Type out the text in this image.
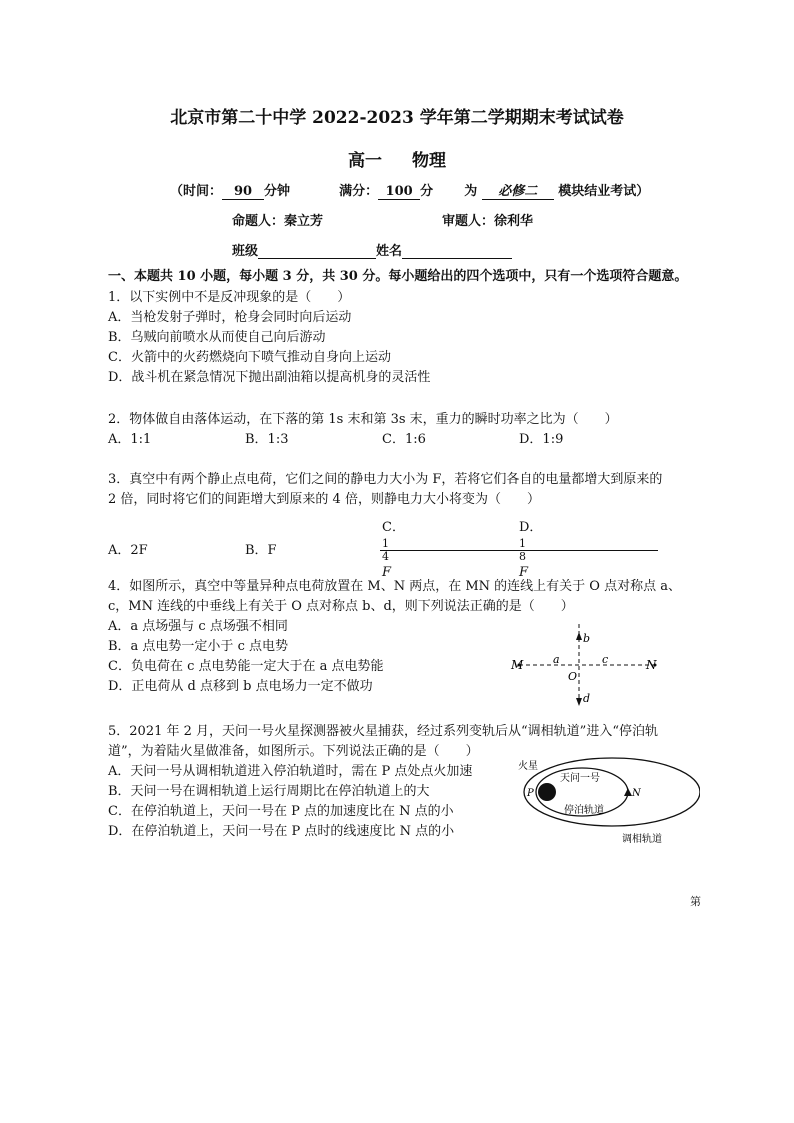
北京市第二十中学 2022-2023 学年第二学期期末考试试卷
高一 物理
（时间： 90 分钟	满分： 100 分 为 必修二 模块结业考试）
命题人：秦立芳	审题人：徐利华
班级	姓名
一、本题共 10 小题，每小题 3 分，共 30 分。每小题给出的四个选项中，只有一个选项符合题意。

1．以下实例中不是反冲现象的是（　　）

A．当枪发射子弹时，枪身会同时向后运动

B．乌贼向前喷水从而使自己向后游动

C．火箭中的火药燃烧向下喷气推动自身向上运动

D．战斗机在紧急情况下抛出副油箱以提高机身的灵活性

2．物体做自由落体运动，在下落的第 1s 末和第 3s 末，重力的瞬时功率之比为（　　）

A．1:1	B．1:3	C．1:6	D．1:9

3．真空中有两个静止点电荷，它们之间的静电力大小为 F，若将它们各自的电量都增大到原来的

2 倍，同时将它们的间距增大到原来的 4 倍，则静电力大小将变为（　　）

A．2F	B．F
C．
$\frac{1}{4}$
F
D．
$\frac{1}{8}$
F

4．如图所示，真空中等量异种点电荷放置在 M、N 两点，在 MN 的连线上有关于 O 点对称点 a、

c，MN 连线的中垂线上有关于 O 点对称点 b、d，则下列说法正确的是（　　）

A．a 点场强与 c 点场强不相同

B．a 点电势一定小于 c 点电势

C．负电荷在 c 点电势能一定大于在 a 点电势能

D．正电荷从 d 点移到 b 点电场力一定不做功

M	N
a	c
O
b
d

5．2021 年 2 月，天问一号火星探测器被火星捕获，经过系列变轨后从“调相轨道”进入“停泊轨

道”，为着陆火星做准备，如图所示。下列说法正确的是（　　）

A．天问一号从调相轨道进入停泊轨道时，需在 P 点处点火加速

B．天问一号在调相轨道上运行周期比在停泊轨道上的大

C．在停泊轨道上，天问一号在 P 点的加速度比在 N 点的小

D．在停泊轨道上，天问一号在 P 点时的线速度比 N 点的小

火星
天问一号
P	N
停泊轨道
调相轨道
第
